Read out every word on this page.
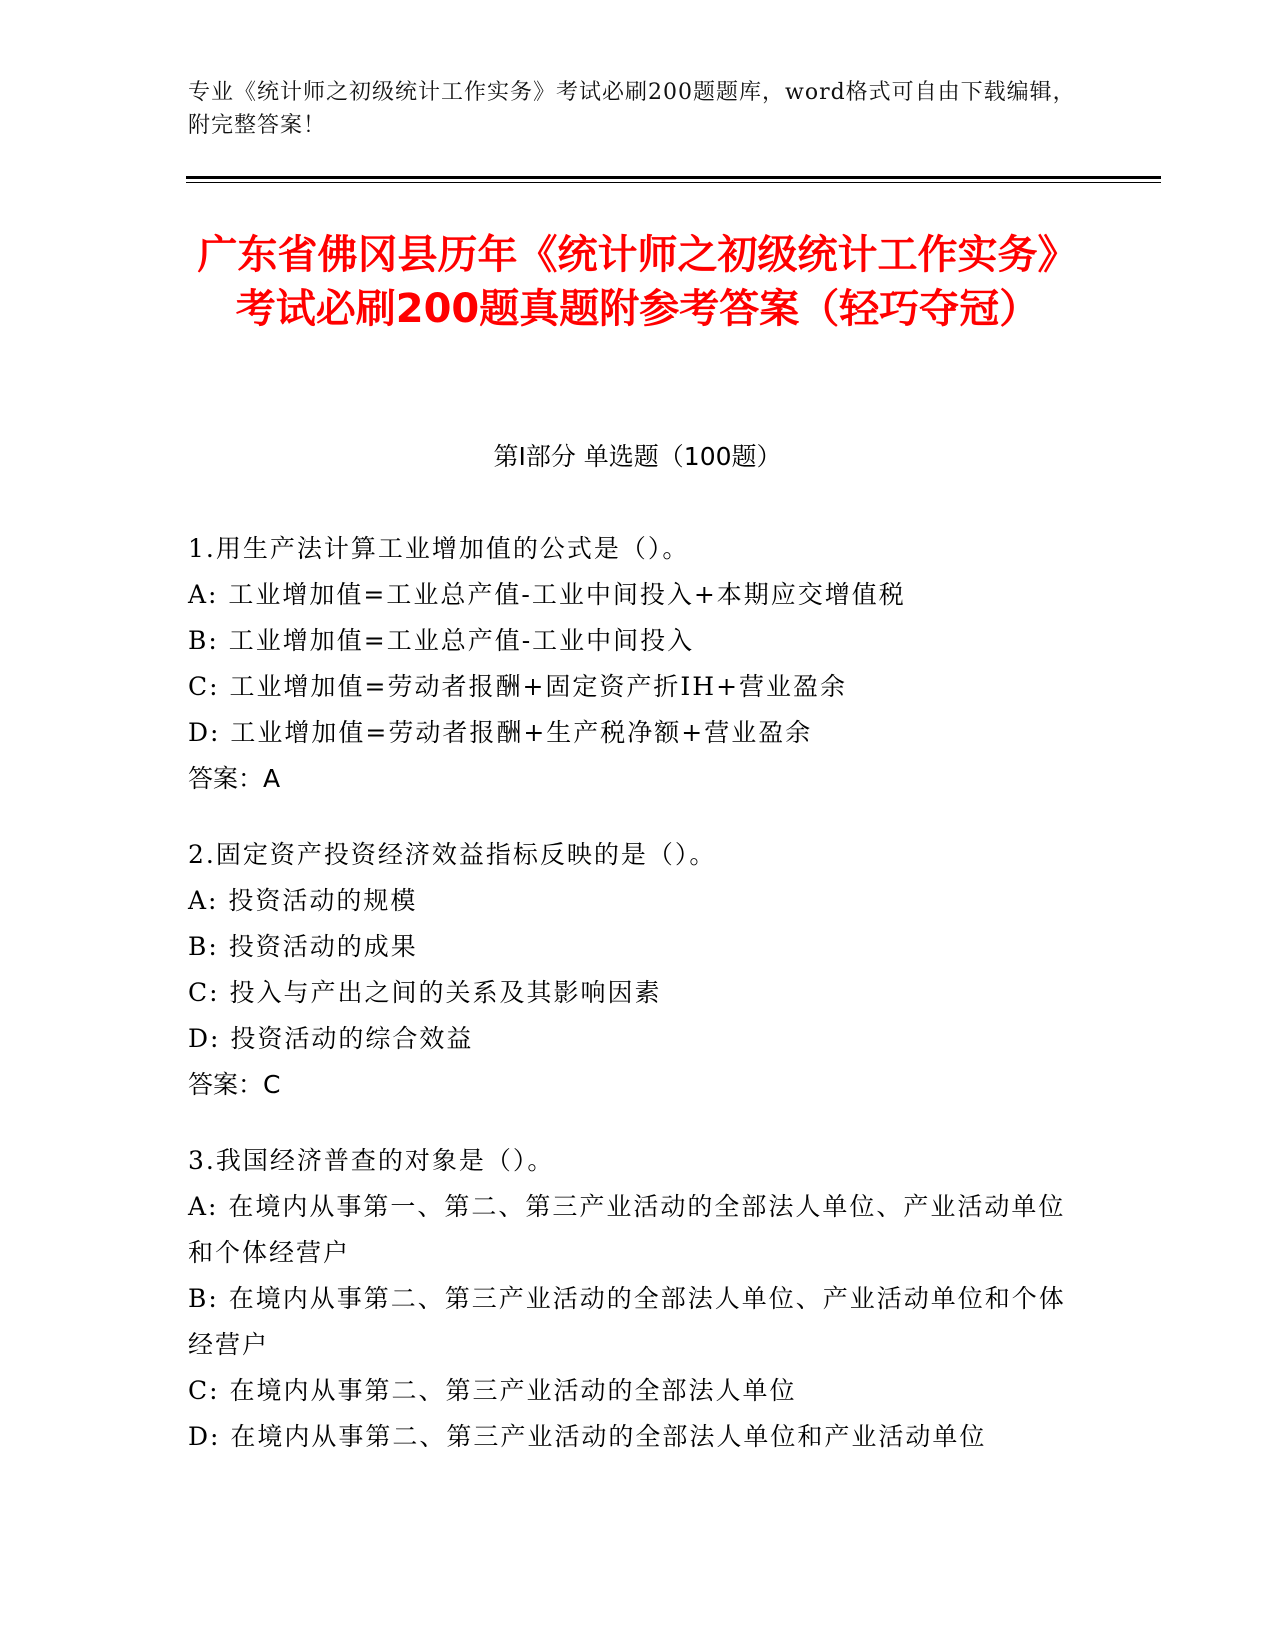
专业《统计师之初级统计工作实务》考试必刷200题题库，word格式可自由下载编辑，附完整答案！
广东省佛冈县历年《统计师之初级统计工作实务》考试必刷200题真题附参考答案（轻巧夺冠）
第Ⅰ部分 单选题（100题）
1.用生产法计算工业增加值的公式是（）。
A: 工业增加值=工业总产值-工业中间投入+本期应交增值税
B: 工业增加值=工业总产值-工业中间投入
C: 工业增加值=劳动者报酬+固定资产折IH+营业盈余
D: 工业增加值=劳动者报酬+生产税净额+营业盈余
答案：A
2.固定资产投资经济效益指标反映的是（）。
A: 投资活动的规模
B: 投资活动的成果
C: 投入与产出之间的关系及其影响因素
D: 投资活动的综合效益
答案：C
3.我国经济普查的对象是（）。
A: 在境内从事第一、第二、第三产业活动的全部法人单位、产业活动单位和个体经营户
B: 在境内从事第二、第三产业活动的全部法人单位、产业活动单位和个体经营户
C: 在境内从事第二、第三产业活动的全部法人单位
D: 在境内从事第二、第三产业活动的全部法人单位和产业活动单位
